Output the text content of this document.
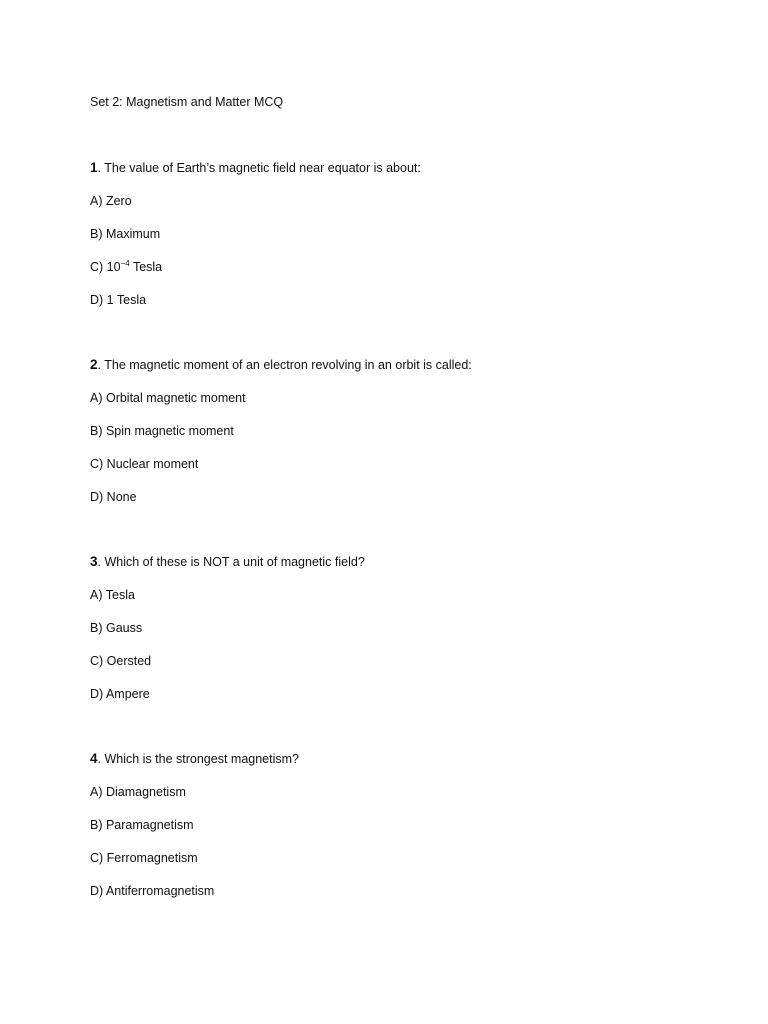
Set 2: Magnetism and Matter MCQ
1. The value of Earth’s magnetic field near equator is about:
A) Zero
B) Maximum
C) $10^{-4}$ Tesla
D) 1 Tesla
2. The magnetic moment of an electron revolving in an orbit is called:
A) Orbital magnetic moment
B) Spin magnetic moment
C) Nuclear moment
D) None
3. Which of these is NOT a unit of magnetic field?
A) Tesla
B) Gauss
C) Oersted
D) Ampere
4. Which is the strongest magnetism?
A) Diamagnetism
B) Paramagnetism
C) Ferromagnetism
D) Antiferromagnetism
